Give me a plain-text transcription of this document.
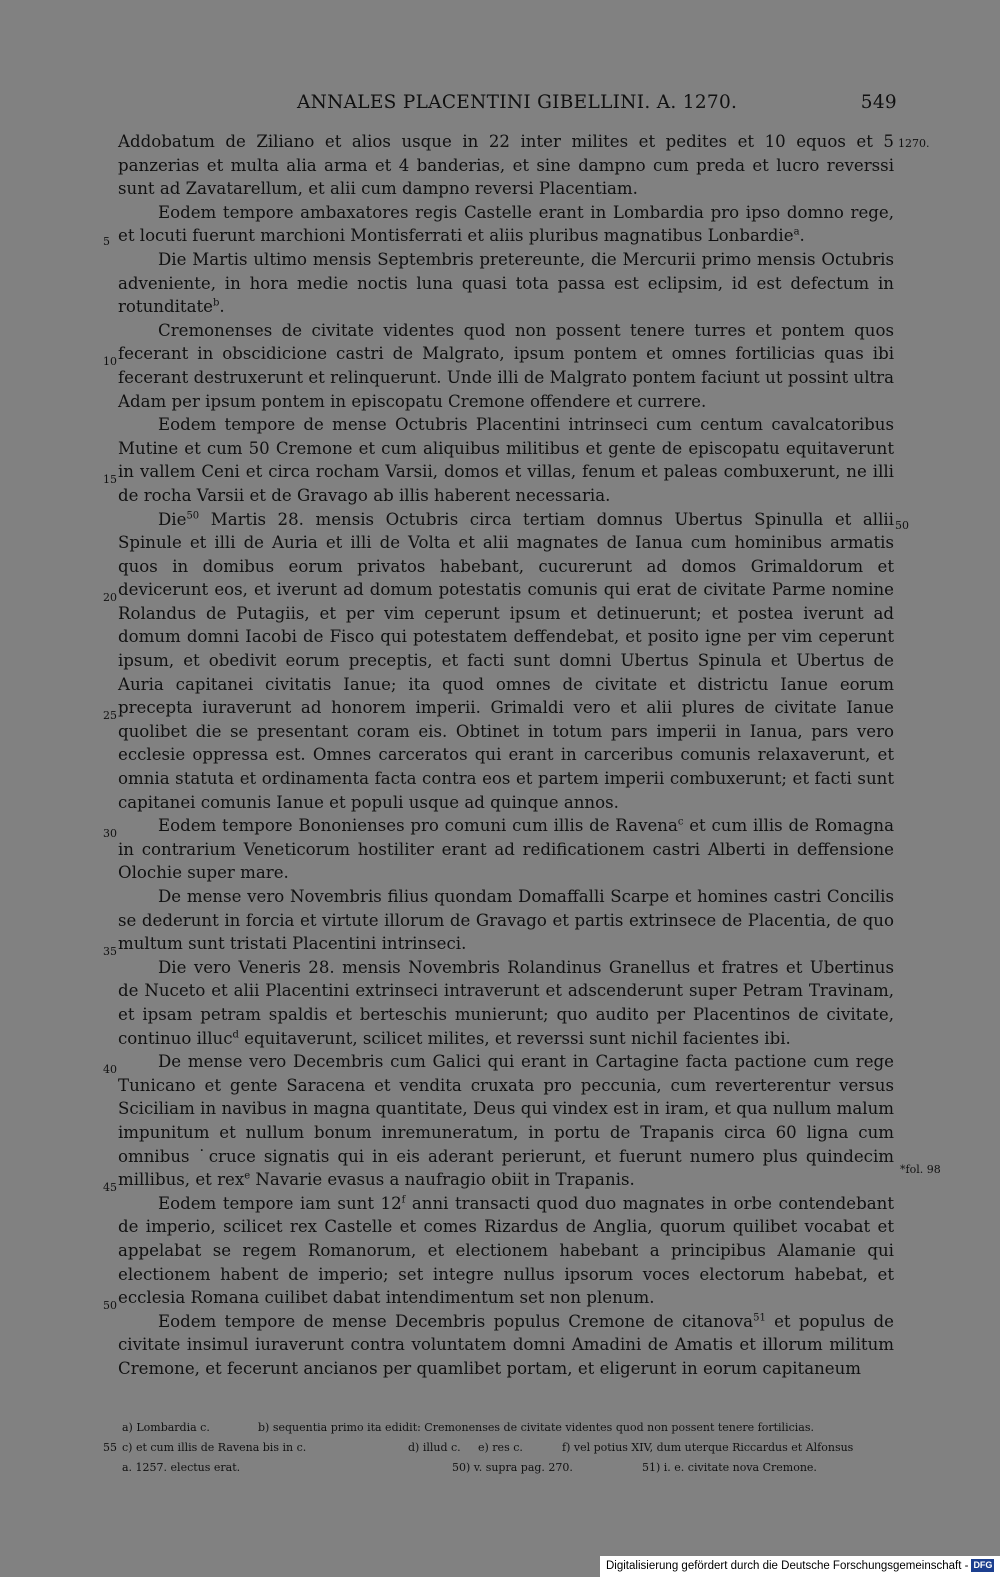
ANNALES PLACENTINI GIBELLINI. A. 1270.	549
5
10
15
20
25
30
35
40
45
50
1270.
50
*fol. 98

Addobatum de Ziliano et alios usque in 22 inter milites et pedites et 10 equos et 5 panzerias et multa alia arma et 4 banderias, et sine dampno cum preda et lucro reverssi sunt ad Zavatarellum, et alii cum dampno reversi Placentiam.

Eodem tempore ambaxatores regis Castelle erant in Lombardia pro ipso domno rege, et locuti fuerunt marchioni Montisferrati et aliis pluribus magnatibus Lonbardie$^a$.

Die Martis ultimo mensis Septembris pretereunte, die Mercurii primo mensis Octubris adveniente, in hora medie noctis luna quasi tota passa est eclipsim, id est defectum in rotunditate$^b$.

Cremonenses de civitate videntes quod non possent tenere turres et pontem quos fecerant in obscidicione castri de Malgrato, ipsum pontem et omnes fortilicias quas ibi fecerant destruxerunt et relinquerunt. Unde illi de Malgrato pontem faciunt ut possint ultra Adam per ipsum pontem in episcopatu Cremone offendere et currere.

Eodem tempore de mense Octubris Placentini intrinseci cum centum cavalcatoribus Mutine et cum 50 Cremone et cum aliquibus militibus et gente de episcopatu equitaverunt in vallem Ceni et circa rocham Varsii, domos et villas, fenum et paleas combuxerunt, ne illi de rocha Varsii et de Gravago ab illis haberent necessaria.

Die$^{50}$ Martis 28. mensis Octubris circa tertiam domnus Ubertus Spinulla et allii Spinule et illi de Auria et illi de Volta et alii magnates de Ianua cum hominibus armatis quos in domibus eorum privatos habebant, cucurerunt ad domos Grimaldorum et devicerunt eos, et iverunt ad domum potestatis comunis qui erat de civitate Parme nomine Rolandus de Putagiis, et per vim ceperunt ipsum et detinuerunt; et postea iverunt ad domum domni Iacobi de Fisco qui potestatem deffendebat, et posito igne per vim ceperunt ipsum, et obedivit eorum preceptis, et facti sunt domni Ubertus Spinula et Ubertus de Auria capitanei civitatis Ianue; ita quod omnes de civitate et districtu Ianue eorum precepta iuraverunt ad honorem imperii. Grimaldi vero et alii plures de civitate Ianue quolibet die se presentant coram eis. Obtinet in totum pars imperii in Ianua, pars vero ecclesie oppressa est. Omnes carceratos qui erant in carceribus comunis relaxaverunt, et omnia statuta et ordinamenta facta contra eos et partem imperii combuxerunt; et facti sunt capitanei comunis Ianue et populi usque ad quinque annos.

Eodem tempore Bononienses pro comuni cum illis de Ravena$^c$ et cum illis de Romagna in contrarium Veneticorum hostiliter erant ad redificationem castri Alberti in deffensione Olochie super mare.

De mense vero Novembris filius quondam Domaffalli Scarpe et homines castri Concilis se dederunt in forcia et virtute illorum de Gravago et partis extrinsece de Placentia, de quo multum sunt tristati Placentini intrinseci.

Die vero Veneris 28. mensis Novembris Rolandinus Granellus et fratres et Ubertinus de Nuceto et alii Placentini extrinseci intraverunt et adscenderunt super Petram Travinam, et ipsam petram spaldis et berteschis munierunt; quo audito per Placentinos de civitate, continuo illuc$^d$ equitaverunt, scilicet milites, et reverssi sunt nichil facientes ibi.

De mense vero Decembris cum Galici qui erant in Cartagine facta pactione cum rege Tunicano et gente Saracena et vendita cruxata pro peccunia, cum reverterentur versus Sciciliam in navibus in magna quantitate, Deus qui vindex est in iram, et qua nullum malum impunitum et nullum bonum inremuneratum, in portu de Trapanis circa 60 ligna cum omnibus ˙cruce signatis qui in eis aderant perierunt, et fuerunt numero plus quindecim millibus, et rex$^e$ Navarie evasus a naufragio obiit in Trapanis.

Eodem tempore iam sunt 12$^f$ anni transacti quod duo magnates in orbe contendebant de imperio, scilicet rex Castelle et comes Rizardus de Anglia, quorum quilibet vocabat et appelabat se regem Romanorum, et electionem habebant a principibus Alamanie qui electionem habent de imperio; set integre nullus ipsorum voces electorum habebat, et ecclesia Romana cuilibet dabat intendimentum set non plenum.

Eodem tempore de mense Decembris populus Cremone de citanova$^{51}$ et populus de civitate insimul iuraverunt contra voluntatem domni Amadini de Amatis et illorum militum Cremone, et fecerunt ancianos per quamlibet portam, et eligerunt in eorum capitaneum

a) Lombardia c.	b) sequentia primo ita edidit: Cremonenses de civitate videntes quod non possent tenere fortilicias.
c) et cum illis de Ravena bis in c.	d) illud c. e) res c.	f) vel potius XIV, dum uterque Riccardus et Alfonsus
55
a. 1257. electus erat.	50) v. supra pag. 270.	51) i. e. civitate nova Cremone.
Digitalisierung gefördert durch die Deutsche Forschungsgemeinschaft - DFG
